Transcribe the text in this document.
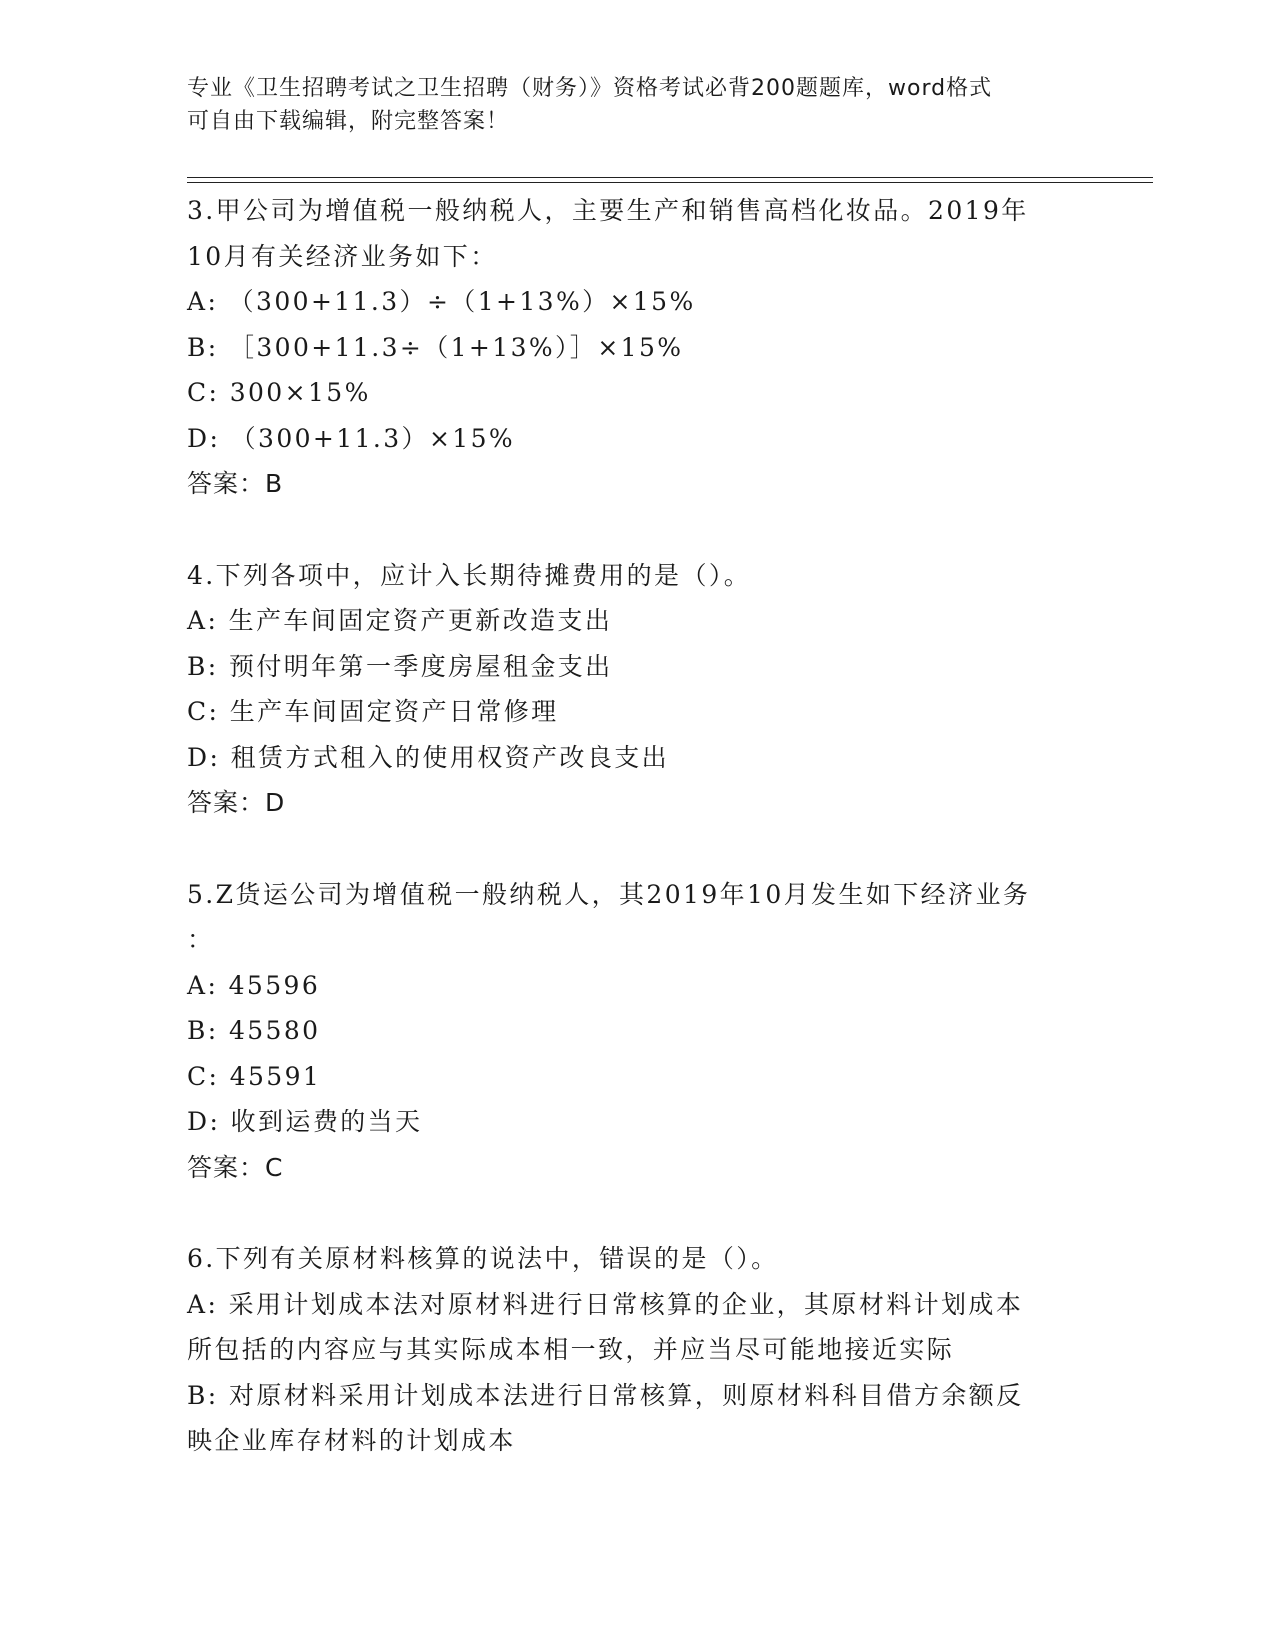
专业《卫生招聘考试之卫生招聘（财务）》资格考试必背200题题库，word格式
可自由下载编辑，附完整答案！
3.甲公司为增值税一般纳税人，主要生产和销售高档化妆品。2019年
10月有关经济业务如下：
A: （300+11.3）÷（1+13%）×15%
B: ［300+11.3÷（1+13%）］×15%
C: 300×15%
D: （300+11.3）×15%
答案：B
4.下列各项中，应计入长期待摊费用的是（）。
A: 生产车间固定资产更新改造支出
B: 预付明年第一季度房屋租金支出
C: 生产车间固定资产日常修理
D: 租赁方式租入的使用权资产改良支出
答案：D
5.Z货运公司为增值税一般纳税人，其2019年10月发生如下经济业务
：
A: 45596
B: 45580
C: 45591
D: 收到运费的当天
答案：C
6.下列有关原材料核算的说法中，错误的是（）。
A: 采用计划成本法对原材料进行日常核算的企业，其原材料计划成本
所包括的内容应与其实际成本相一致，并应当尽可能地接近实际
B: 对原材料采用计划成本法进行日常核算，则原材料科目借方余额反
映企业库存材料的计划成本
